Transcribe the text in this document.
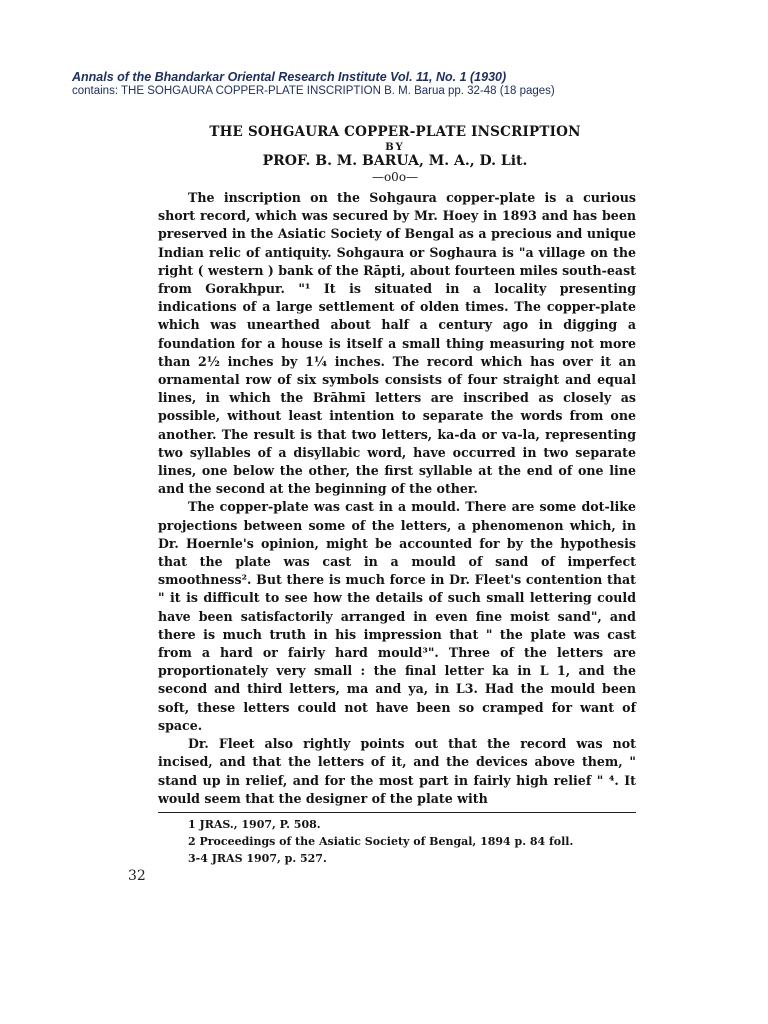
Annals of the Bhandarkar Oriental Research Institute Vol. 11, No. 1 (1930)
contains: THE SOHGAURA COPPER-PLATE INSCRIPTION B. M. Barua pp. 32-48 (18 pages)
THE SOHGAURA COPPER-PLATE INSCRIPTION
BY
PROF. B. M. BARUA, M. A., D. Lit.
—o0o—

The inscription on the Sohgaura copper-plate is a curious short record, which was secured by Mr. Hoey in 1893 and has been preserved in the Asiatic Society of Bengal as a precious and unique Indian relic of antiquity. Sohgaura or Soghaura is "a village on the right ( western ) bank of the Rāpti, about fourteen miles south-east from Gorakhpur. "¹ It is situated in a locality presenting indications of a large settlement of olden times. The copper-plate which was unearthed about half a century ago in digging a foundation for a house is itself a small thing measuring not more than 2½ inches by 1¼ inches. The record which has over it an ornamental row of six symbols consists of four straight and equal lines, in which the Brāhmī letters are inscribed as closely as possible, without least intention to separate the words from one another. The result is that two letters, ka-da or va-la, representing two syllables of a disyllabic word, have occurred in two separate lines, one below the other, the first syllable at the end of one line and the second at the beginning of the other.

The copper-plate was cast in a mould. There are some dot-like projections between some of the letters, a phenomenon which, in Dr. Hoernle's opinion, might be accounted for by the hypothesis that the plate was cast in a mould of sand of imperfect smoothness². But there is much force in Dr. Fleet's contention that " it is difficult to see how the details of such small lettering could have been satisfactorily arranged in even fine moist sand", and there is much truth in his impression that " the plate was cast from a hard or fairly hard mould³". Three of the letters are proportionately very small : the final letter ka in L 1, and the second and third letters, ma and ya, in L3. Had the mould been soft, these letters could not have been so cramped for want of space.

Dr. Fleet also rightly points out that the record was not incised, and that the letters of it, and the devices above them, " stand up in relief, and for the most part in fairly high relief " ⁴. It would seem that the designer of the plate with

1 JRAS., 1907, P. 508.
2 Proceedings of the Asiatic Society of Bengal, 1894 p. 84 foll.
3-4 JRAS 1907, p. 527.
32
